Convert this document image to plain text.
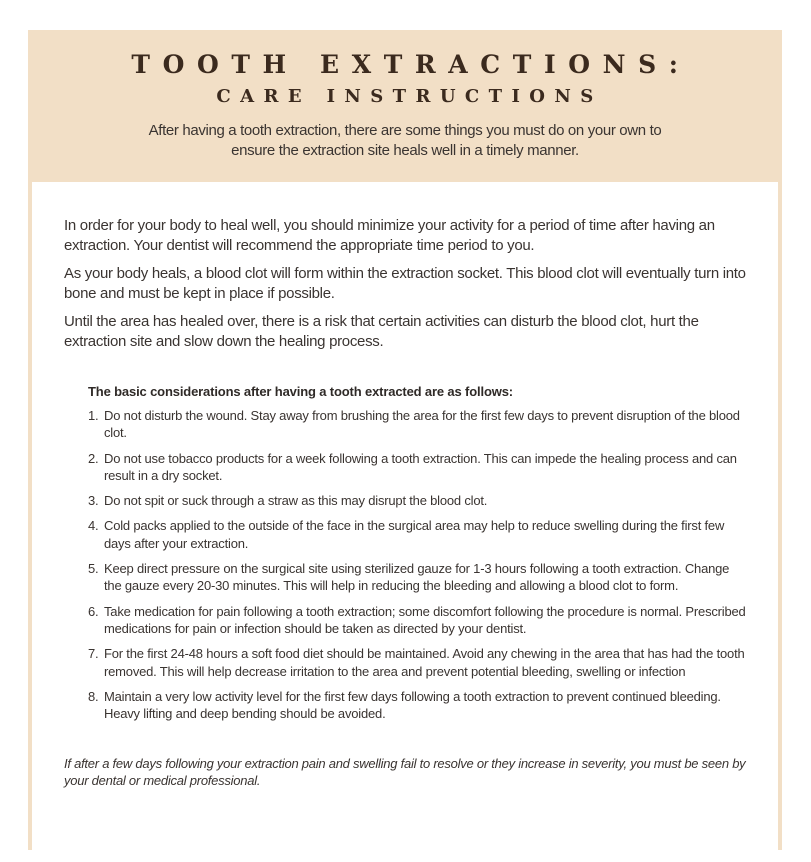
TOOTH EXTRACTIONS:
CARE INSTRUCTIONS

After having a tooth extraction, there are some things you must do on your own to ensure the extraction site heals well in a timely manner.

In order for your body to heal well, you should minimize your activity for a period of time after having an extraction. Your dentist will recommend the appropriate time period to you.

As your body heals, a blood clot will form within the extraction socket. This blood clot will eventually turn into bone and must be kept in place if possible.

Until the area has healed over, there is a risk that certain activities can disturb the blood clot, hurt the extraction site and slow down the healing process.

The basic considerations after having a tooth extracted are as follows:

1. Do not disturb the wound. Stay away from brushing the area for the first few days to prevent disruption of the blood clot.
2. Do not use tobacco products for a week following a tooth extraction. This can impede the healing process and can result in a dry socket.
3. Do not spit or suck through a straw as this may disrupt the blood clot.
4. Cold packs applied to the outside of the face in the surgical area may help to reduce swelling during the first few days after your extraction.
5. Keep direct pressure on the surgical site using sterilized gauze for 1-3 hours following a tooth extraction. Change the gauze every 20-30 minutes. This will help in reducing the bleeding and allowing a blood clot to form.
6. Take medication for pain following a tooth extraction; some discomfort following the procedure is normal. Prescribed medications for pain or infection should be taken as directed by your dentist.
7. For the first 24-48 hours a soft food diet should be maintained. Avoid any chewing in the area that has had the tooth removed. This will help decrease irritation to the area and prevent potential bleeding, swelling or infection
8. Maintain a very low activity level for the first few days following a tooth extraction to prevent continued bleeding. Heavy lifting and deep bending should be avoided.

If after a few days following your extraction pain and swelling fail to resolve or they increase in severity, you must be seen by your dental or medical professional.
